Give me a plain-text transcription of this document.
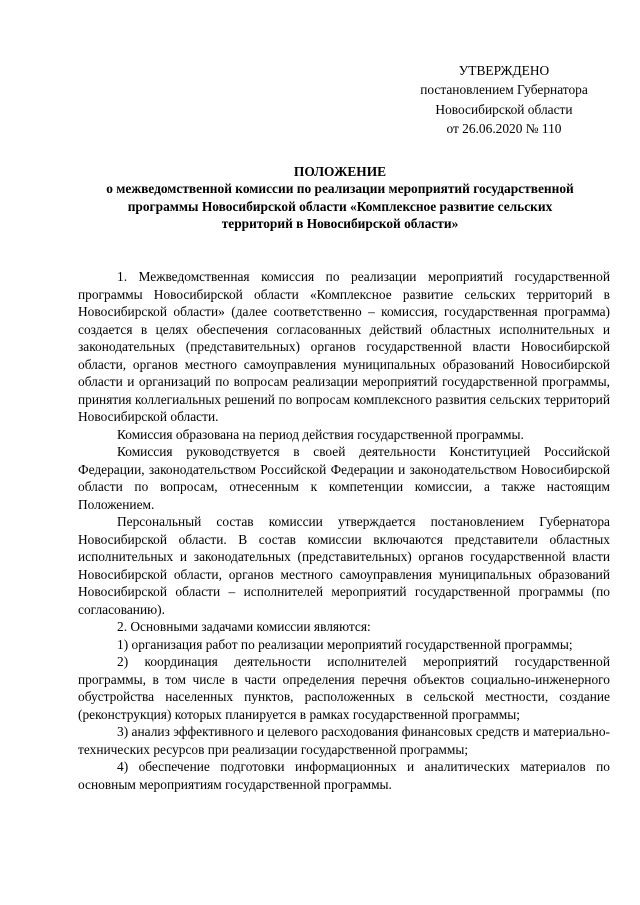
УТВЕРЖДЕНО
постановлением Губернатора
Новосибирской области
от 26.06.2020 № 110
ПОЛОЖЕНИЕ
о межведомственной комиссии по реализации мероприятий государственной
программы Новосибирской области «Комплексное развитие сельских
территорий в Новосибирской области»

1. Межведомственная комиссия по реализации мероприятий государственной программы Новосибирской области «Комплексное развитие сельских территорий в Новосибирской области» (далее соответственно – комиссия, государственная программа) создается в целях обеспечения согласованных действий областных исполнительных и законодательных (представительных) органов государственной власти Новосибирской области, органов местного самоуправления муниципальных образований Новосибирской области и организаций по вопросам реализации мероприятий государственной программы, принятия коллегиальных решений по вопросам комплексного развития сельских территорий Новосибирской области.

Комиссия образована на период действия государственной программы.

Комиссия руководствуется в своей деятельности Конституцией Российской Федерации, законодательством Российской Федерации и законодательством Новосибирской области по вопросам, отнесенным к компетенции комиссии, а также настоящим Положением.

Персональный состав комиссии утверждается постановлением Губернатора Новосибирской области. В состав комиссии включаются представители областных исполнительных и законодательных (представительных) органов государственной власти Новосибирской области, органов местного самоуправления муниципальных образований Новосибирской области – исполнителей мероприятий государственной программы (по согласованию).

2. Основными задачами комиссии являются:

1) организация работ по реализации мероприятий государственной программы;

2) координация деятельности исполнителей мероприятий государственной программы, в том числе в части определения перечня объектов социально-инженерного обустройства населенных пунктов, расположенных в сельской местности, создание (реконструкция) которых планируется в рамках государственной программы;

3) анализ эффективного и целевого расходования финансовых средств и материально-технических ресурсов при реализации государственной программы;

4) обеспечение подготовки информационных и аналитических материалов по основным мероприятиям государственной программы.
